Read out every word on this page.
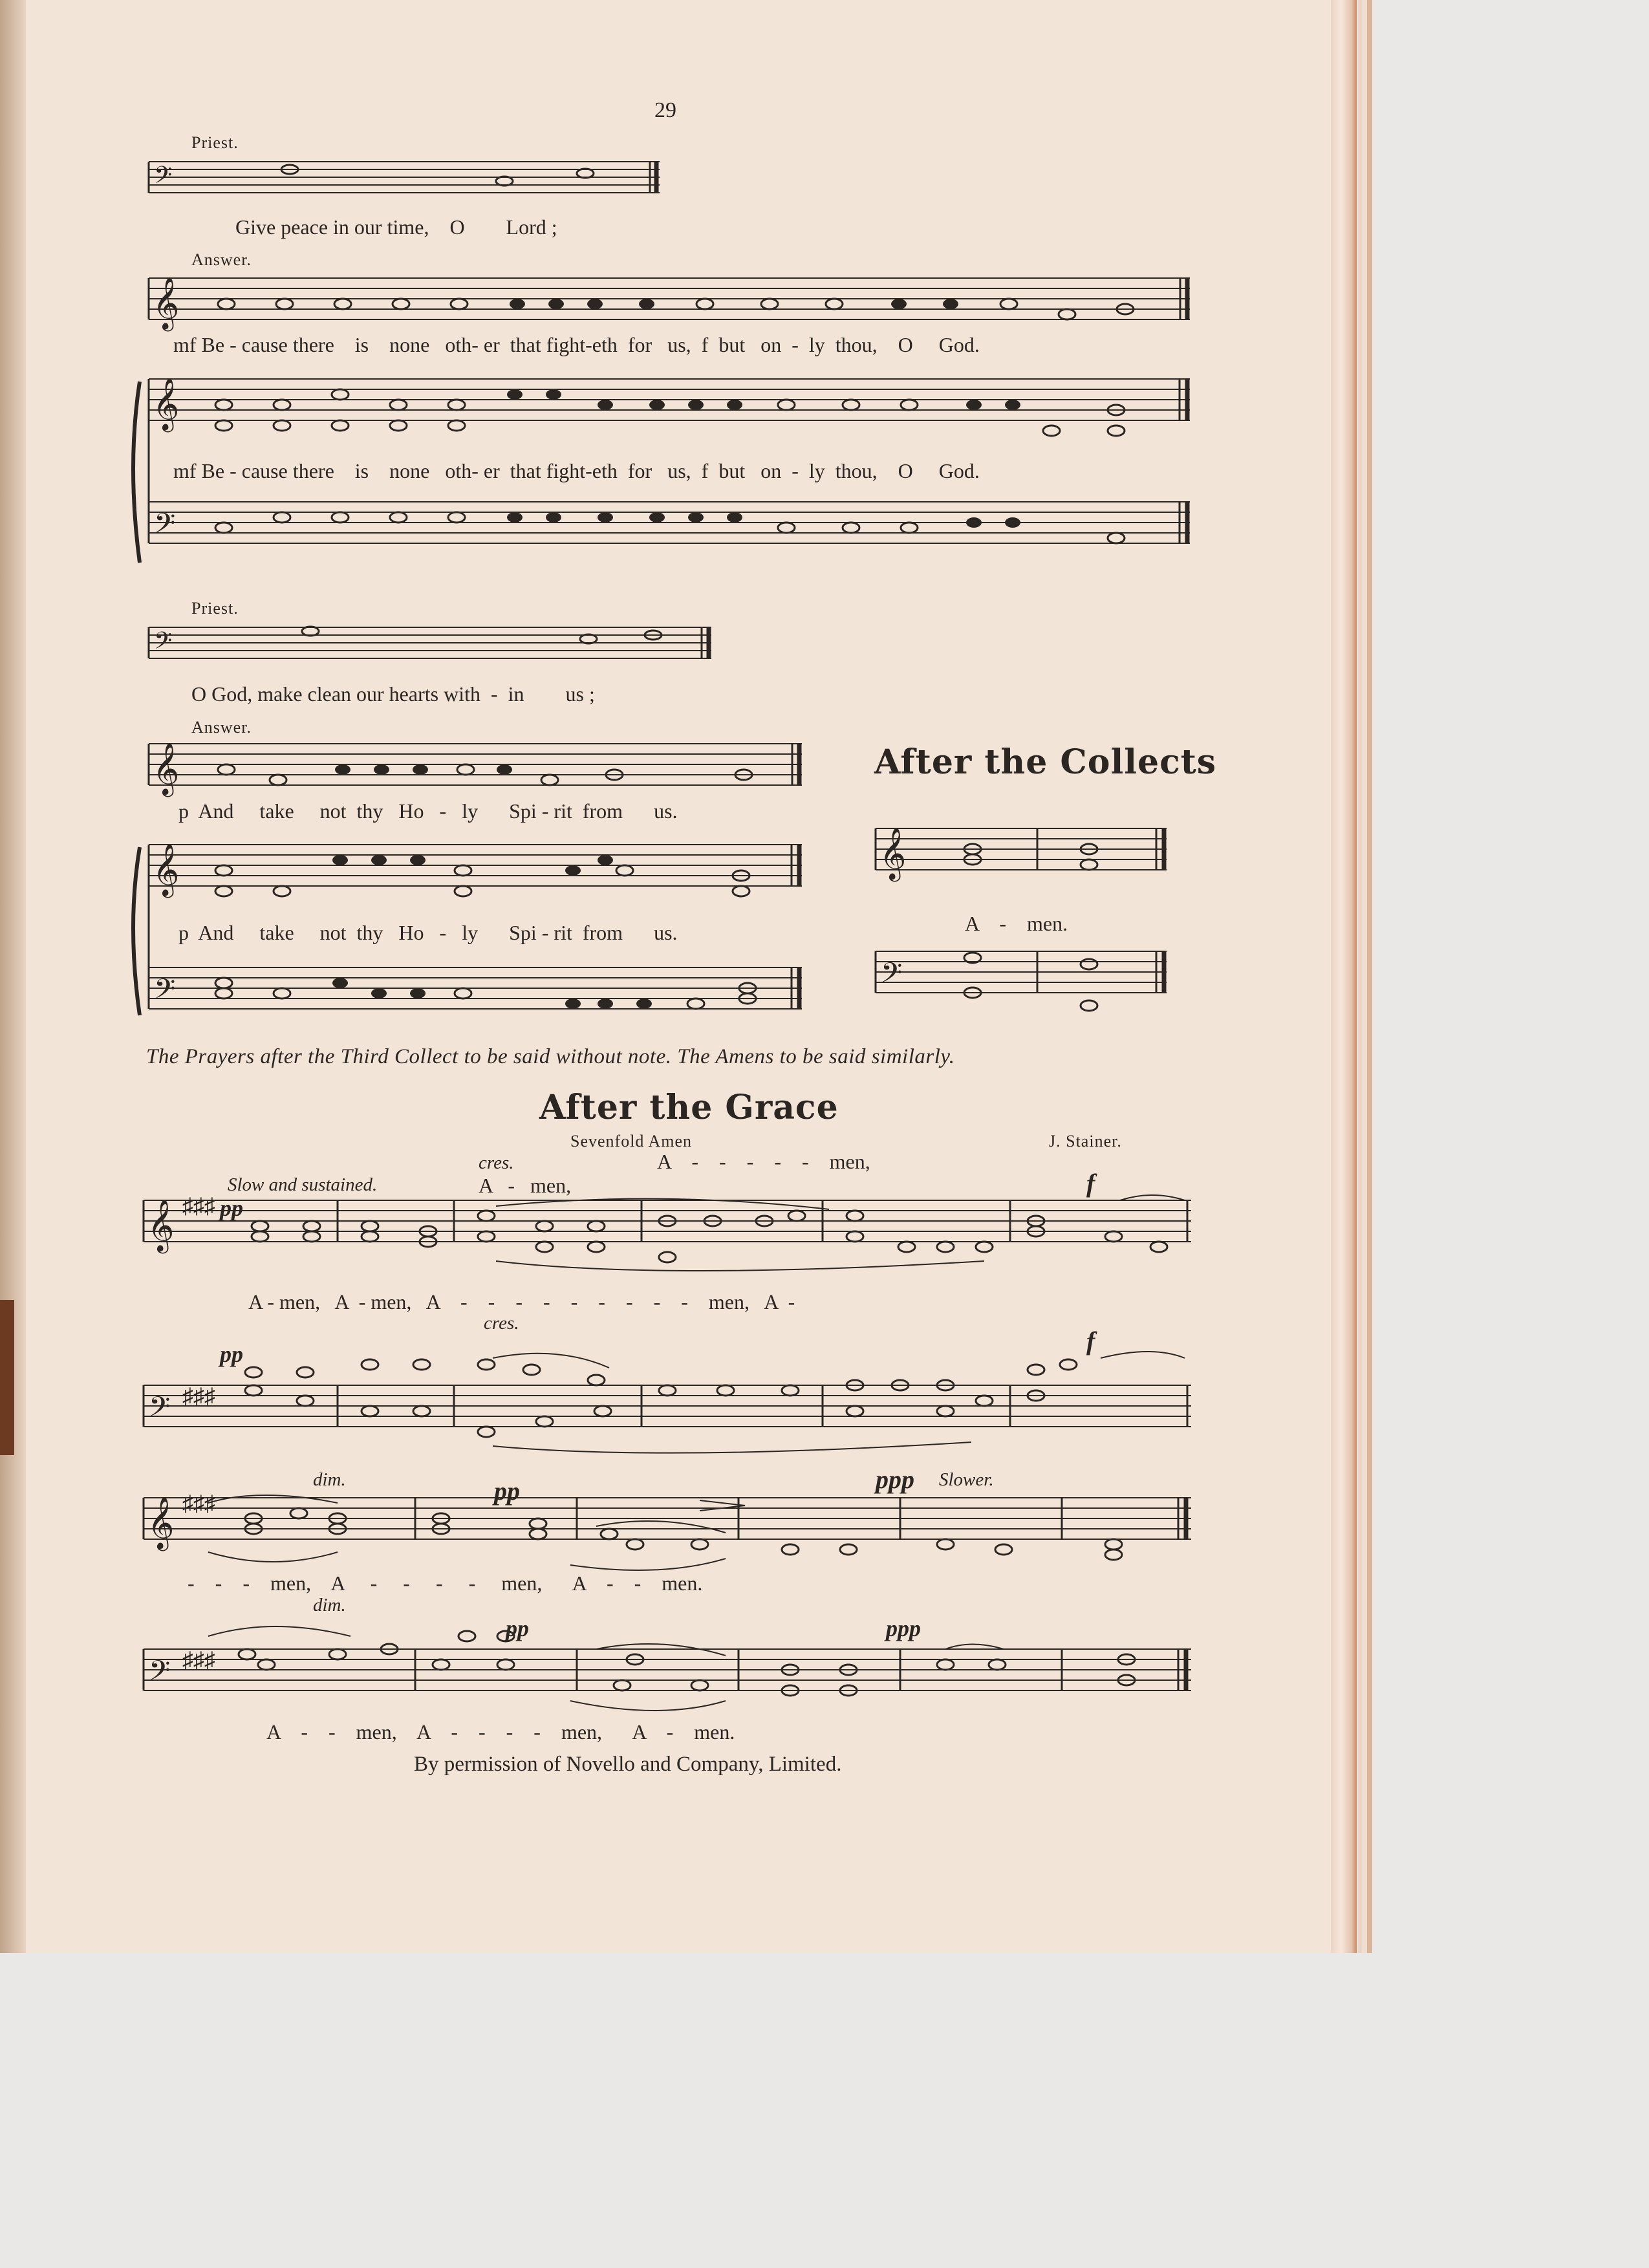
29
Priest.
𝄢
Give peace in our time,    O        Lord ;
Answer.
𝄞
mf Be - cause there    is    none   oth- er  that fight-eth  for   us,  f  but   on  -  ly  thou,    O     God.
𝄞
𝄢
mf Be - cause there    is    none   oth- er  that fight-eth  for   us,  f  but   on  -  ly  thou,    O     God.
Priest.
𝄢
O God, make clean our hearts with  -  in        us ;
Answer.
𝄞
p  And     take     not  thy   Ho   -   ly      Spi - rit  from      us.
𝄞
𝄢
p  And     take     not  thy   Ho   -   ly      Spi - rit  from      us.
After the Collects
𝄞
𝄢
A    -    men.
The Prayers after the Third Collect to be said without note. The Amens to be said similarly.
After the Grace
Sevenfold Amen	J. Stainer.
cres.	A    -    -    -    -    -    men,
Slow and sustained.	A   -   men,	f
𝄞 ♯♯♯ pp
A - men,   A  - men,   A    -    -    -    -    -    -    -    -    -    men,   A  -
cres.
𝄢 ♯♯♯
pp	f
dim.	pp	ppp Slower.
𝄞 ♯♯♯
-    -    -    men,    A     -     -     -     -     men,      A    -    -    men.
dim.
𝄢 ♯♯♯
pp	ppp
A    -    -    men,    A    -    -    -    -    men,      A    -    men.
By permission of Novello and Company, Limited.
